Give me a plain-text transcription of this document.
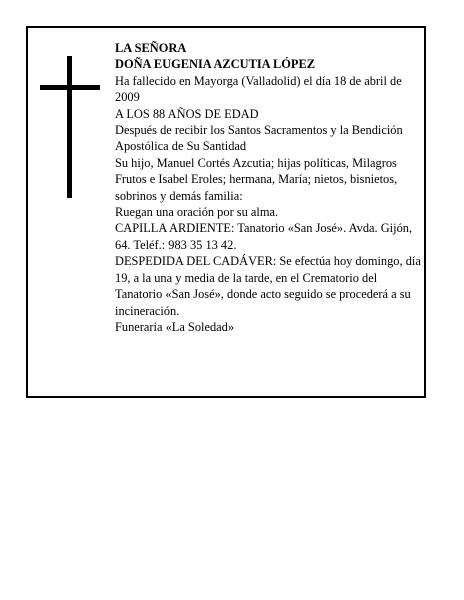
LA SEÑORA

DOÑA EUGENIA AZCUTIA LÓPEZ

Ha fallecido en Mayorga (Valladolid) el día 18 de abril de 2009

A LOS 88 AÑOS DE EDAD

Después de recibir los Santos Sacramentos y la Bendición Apostólica de Su Santidad

Su hijo, Manuel Cortés Azcutia; hijas políticas, Milagros Frutos e Isabel Eroles; hermana, María; nietos, bisnietos, sobrinos y demás familia:

Ruegan una oración por su alma.

CAPILLA ARDIENTE: Tanatorio «San José». Avda. Gijón, 64. Teléf.: 983 35 13 42.

DESPEDIDA DEL CADÁVER: Se efectúa hoy domingo, día 19, a la una y media de la tarde, en el Crematorio del Tanatorio «San José», donde acto seguido se procederá a su incineración.

Funeraria «La Soledad»
